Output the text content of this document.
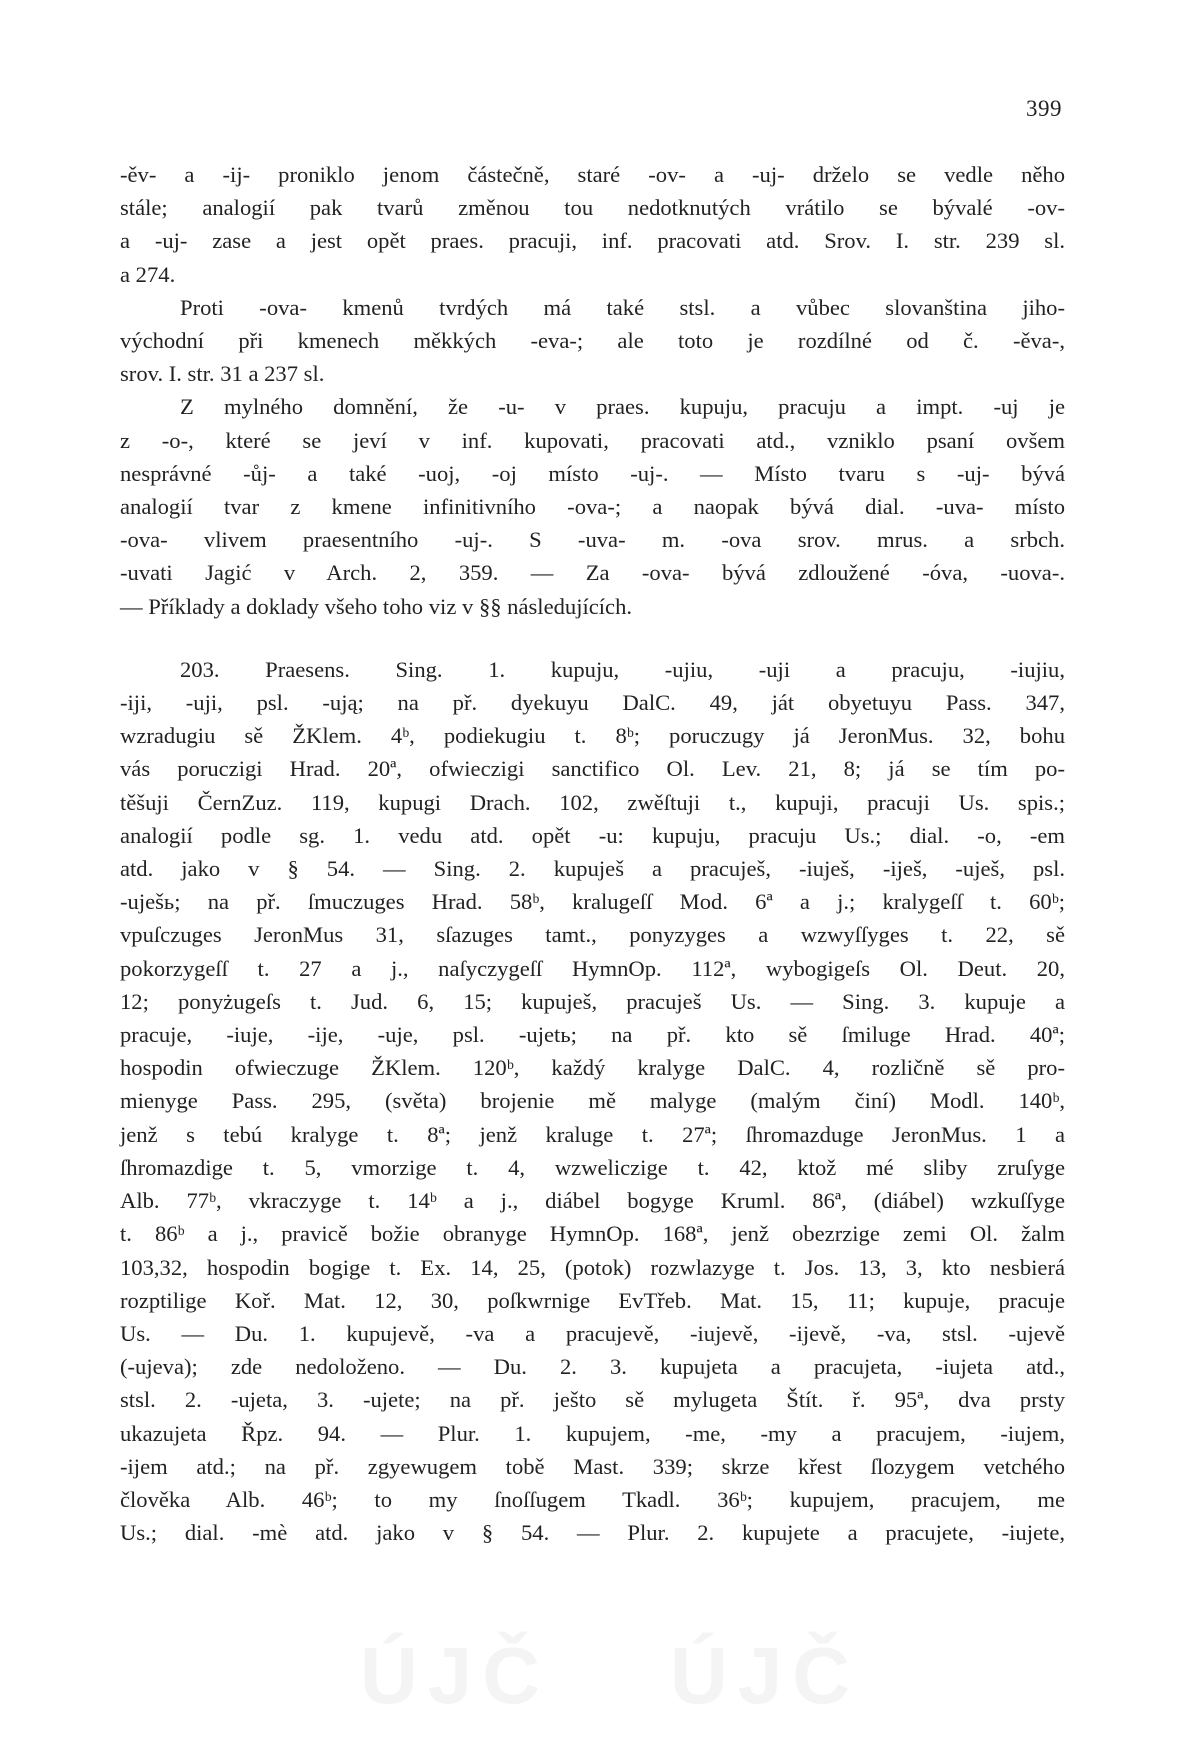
399

-ěv- a -ij- proniklo jenom částečně, staré -ov- a -uj- drželo se vedle něho
stále; analogií pak tvarů změnou tou nedotknutých vrátilo se bývalé -ov-
a -uj- zase a jest opět praes. pracuji, inf. pracovati atd. Srov. I. str. 239 sl.
a 274.

Proti -ova- kmenů tvrdých má také stsl. a vůbec slovanština jiho-
východní při kmenech měkkých -eva-; ale toto je rozdílné od č. -ěva-,
srov. I. str. 31 a 237 sl.

Z mylného domnění, že -u- v praes. kupuju, pracuju a impt. -uj je
z -o-, které se jeví v inf. kupovati, pracovati atd., vzniklo psaní ovšem
nesprávné -ůj- a také -uoj, -oj místo -uj-. — Místo tvaru s -uj- bývá
analogií tvar z kmene infinitivního -ova-; a naopak bývá dial. -uva- místo
-ova- vlivem praesentního -uj-. S -uva- m. -ova srov. mrus. a srbch.
-uvati Jagić v Arch. 2, 359. — Za -ova- bývá zdloužené -óva, -uova-.
— Příklady a doklady všeho toho viz v §§ následujících.

203. Praesens. Sing. 1. kupuju, -ujiu, -uji a pracuju, -iujiu,
-iji, -uji, psl. -ują; na př. dyekuyu DalC. 49, ját obyetuyu Pass. 347,
wzradugiu sě ŽKlem. 4ᵇ, podiekugiu t. 8ᵇ; poruczugy já JeronMus. 32, bohu
vás poruczigi Hrad. 20ª, ofwieczigi sanctifico Ol. Lev. 21, 8; já se tím po-
těšuji ČernZuz. 119, kupugi Drach. 102, zwěſtuji t., kupuji, pracuji Us. spis.;
analogií podle sg. 1. vedu atd. opět -u: kupuju, pracuju Us.; dial. -o, -em
atd. jako v § 54. — Sing. 2. kupuješ a pracuješ, -iuješ, -iješ, -uješ, psl.
-uješь; na př. ſmuczuges Hrad. 58ᵇ, kralugeſſ Mod. 6ª a j.; kralygeſſ t. 60ᵇ;
vpuſczuges JeronMus 31, sſazuges tamt., ponyzyges a wzwyſſyges t. 22, sě
pokorzygeſſ t. 27 a j., naſyczygeſſ HymnOp. 112ª, wybogigeſs Ol. Deut. 20,
12; ponyżugeſs t. Jud. 6, 15; kupuješ, pracuješ Us. — Sing. 3. kupuje a
pracuje, -iuje, -ije, -uje, psl. -ujetь; na př. kto sě ſmiluge Hrad. 40ª;
hospodin ofwieczuge ŽKlem. 120ᵇ, každý kralyge DalC. 4, rozličně sě pro-
mienyge Pass. 295, (světa) brojenie mě malyge (malým činí) Modl. 140ᵇ,
jenž s tebú kralyge t. 8ª; jenž kraluge t. 27ª; ſhromazduge JeronMus. 1 a
ſhromazdige t. 5, vmorzige t. 4, wzweliczige t. 42, ktož mé sliby zruſyge
Alb. 77ᵇ, vkraczyge t. 14ᵇ a j., diábel bogyge Kruml. 86ª, (diábel) wzkuſſyge
t. 86ᵇ a j., pravicě božie obranyge HymnOp. 168ª, jenž obezrzige zemi Ol. žalm
103,32, hospodin bogige t. Ex. 14, 25, (potok) rozwlazyge t. Jos. 13, 3, kto nesbierá
rozptilige Koř. Mat. 12, 30, poſkwrnige EvTřeb. Mat. 15, 11; kupuje, pracuje
Us. — Du. 1. kupujevě, -va a pracujevě, -iujevě, -ijevě, -va, stsl. -ujevě
(-ujeva); zde nedoloženo. — Du. 2. 3. kupujeta a pracujeta, -iujeta atd.,
stsl. 2. -ujeta, 3. -ujete; na př. ješto sě mylugeta Štít. ř. 95ª, dva prsty
ukazujeta Řpz. 94. — Plur. 1. kupujem, -me, -my a pracujem, -iujem,
-ijem atd.; na př. zgyewugem tobě Mast. 339; skrze křest ſlozygem vetchého
člověka Alb. 46ᵇ; to my ſnoſſugem Tkadl. 36ᵇ; kupujem, pracujem, me
Us.; dial. -mè atd. jako v § 54. — Plur. 2. kupujete a pracujete, -iujete,

ÚJČ ÚJČ
